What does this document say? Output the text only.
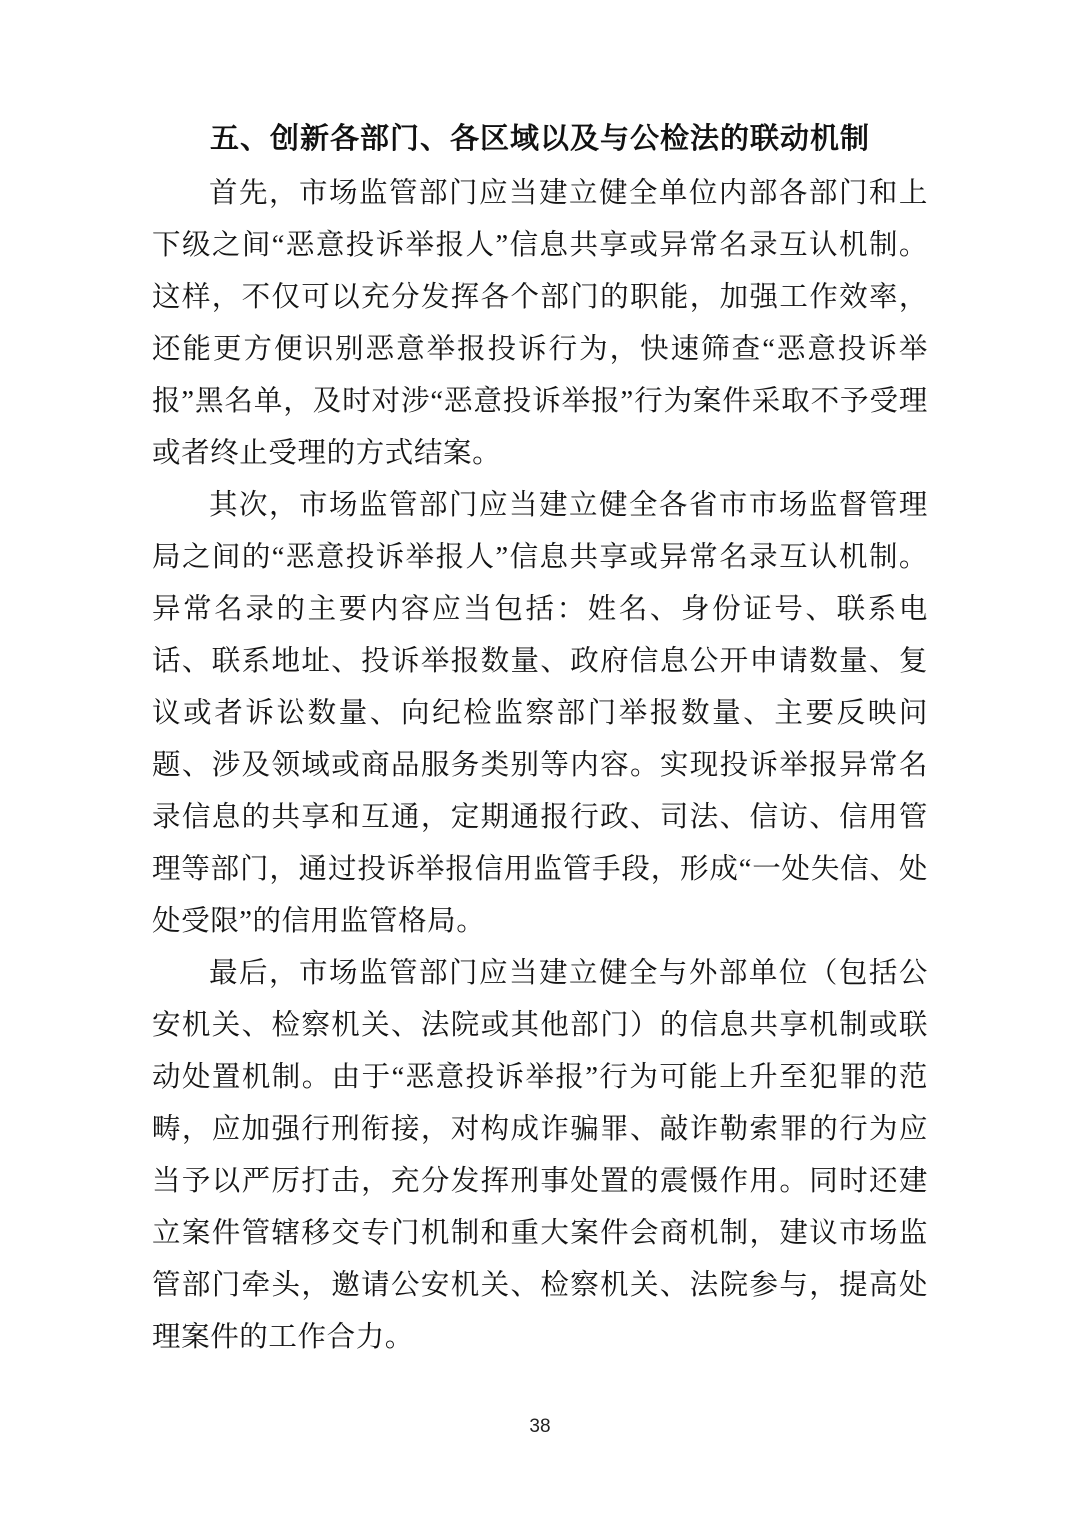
五、创新各部门、各区域以及与公检法的联动机制

首先，市场监管部门应当建立健全单位内部各部门和上下级之间“恶意投诉举报人”信息共享或异常名录互认机制。这样，不仅可以充分发挥各个部门的职能，加强工作效率，还能更方便识别恶意举报投诉行为，快速筛查“恶意投诉举报”黑名单，及时对涉“恶意投诉举报”行为案件采取不予受理或者终止受理的方式结案。

其次，市场监管部门应当建立健全各省市市场监督管理局之间的“恶意投诉举报人”信息共享或异常名录互认机制。异常名录的主要内容应当包括：姓名、身份证号、联系电话、联系地址、投诉举报数量、政府信息公开申请数量、复议或者诉讼数量、向纪检监察部门举报数量、主要反映问题、涉及领域或商品服务类别等内容。实现投诉举报异常名录信息的共享和互通，定期通报行政、司法、信访、信用管理等部门，通过投诉举报信用监管手段，形成“一处失信、处处受限”的信用监管格局。

最后，市场监管部门应当建立健全与外部单位（包括公安机关、检察机关、法院或其他部门）的信息共享机制或联动处置机制。由于“恶意投诉举报”行为可能上升至犯罪的范畴，应加强行刑衔接，对构成诈骗罪、敲诈勒索罪的行为应当予以严厉打击，充分发挥刑事处置的震慑作用。同时还建立案件管辖移交专门机制和重大案件会商机制，建议市场监管部门牵头，邀请公安机关、检察机关、法院参与，提高处理案件的工作合力。

38
